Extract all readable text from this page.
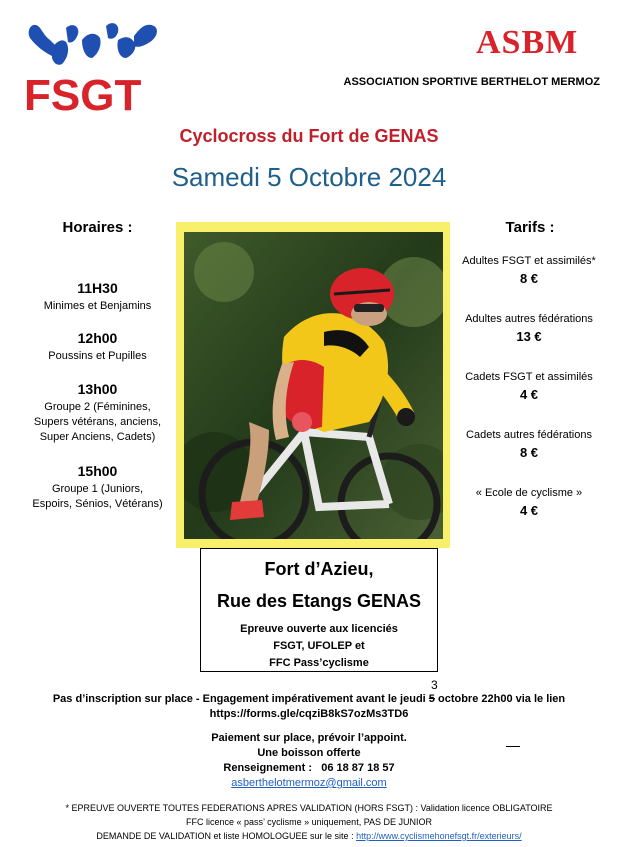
FSGT
ASBM
ASSOCIATION SPORTIVE BERTHELOT MERMOZ
Cyclocross du Fort de GENAS
Samedi 5 Octobre 2024
Horaires :
11H30
Minimes et Benjamins
12h00
Poussins et Pupilles
13h00
Groupe 2 (Féminines,
Supers vétérans, anciens,
Super Anciens, Cadets)
15h00
Groupe 1 (Juniors,
Espoirs, Sénios, Vétérans)
Tarifs :
Adultes FSGT et assimilés*
8 €
Adultes autres fédérations
13 €
Cadets FSGT et assimilés
4 €
Cadets autres fédérations
8 €
« Ecole de cyclisme »
4 €
Fort d’Azieu,
Rue des Etangs GENAS
Epreuve ouverte aux licenciés
FSGT, UFOLEP et
FFC Pass’cyclisme
3
Pas d’inscription sur place - Engagement impérativement avant le jeudi 5 octobre 22h00 via le lien
https://forms.gle/cqziB8kS7ozMs3TD6
Paiement sur place, prévoir l’appoint.
Une boisson offerte
Renseignement : 06 18 87 18 57
asberthelotmermoz@gmail.com
* EPREUVE OUVERTE TOUTES FEDERATIONS APRES VALIDATION (HORS FSGT) : Validation licence OBLIGATOIRE
FFC licence « pass’ cyclisme » uniquement, PAS DE JUNIOR
DEMANDE DE VALIDATION et liste HOMOLOGUEE sur le site : http://www.cyclismehonefsgt.fr/exterieurs/
